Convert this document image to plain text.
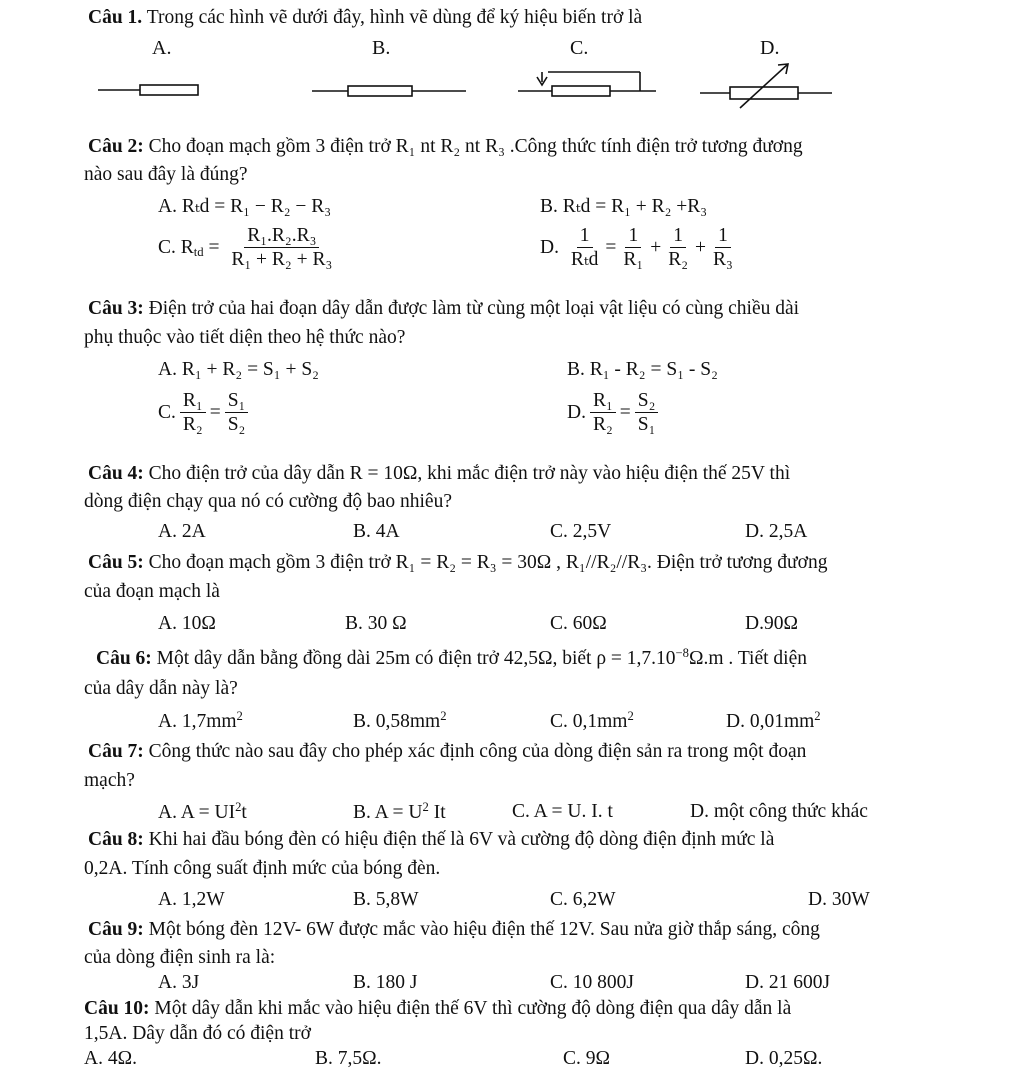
Câu 1. Trong các hình vẽ dưới đây, hình vẽ dùng để ký hiệu biến trở là
A.	B.	C.	D.
Câu 2: Cho đoạn mạch gồm 3 điện trở R₁ nt R₂ nt R₃ .Công thức tính điện trở tương đương
nào sau đây là đúng?
A. Rₜd = R₁ − R₂ − R₃	B. Rₜd = R₁ + R₂ +R₃
C. $R_{td} = \frac{\text{R₁.R₂.R₃}}{\text{R₁ + R₂ + R₃}}$	D. $\frac{1}{\text{Rₜd}} = \frac{1}{\text{R₁}} + \frac{1}{\text{R₂}} + \frac{1}{\text{R₃}}$
Câu 3: Điện trở của hai đoạn dây dẫn được làm từ cùng một loại vật liệu có cùng chiều dài
phụ thuộc vào tiết diện theo hệ thức nào?
A. R₁ + R₂ = S₁ + S₂	B. R₁ - R₂ = S₁ - S₂
C. $\frac{\text{R₁}}{\text{R₂}} = \frac{\text{S₁}}{\text{S₂}}$	D. $\frac{\text{R₁}}{\text{R₂}} = \frac{\text{S₂}}{\text{S₁}}$
Câu 4: Cho điện trở của dây dẫn R = 10Ω, khi mắc điện trở này vào hiệu điện thế 25V thì
dòng điện chạy qua nó có cường độ bao nhiêu?
A. 2A	B. 4A	C. 2,5V	D. 2,5A
Câu 5: Cho đoạn mạch gồm 3 điện trở R₁ = R₂ = R₃ = 30Ω , R₁//R₂//R₃. Điện trở tương đương
của đoạn mạch là
A. 10Ω	B. 30 Ω	C. 60Ω	D.90Ω
Câu 6: Một dây dẫn bằng đồng dài 25m có điện trở 42,5Ω, biết $\rho = 1,7.10^{-8}\Omega.m$ . Tiết diện
của dây dẫn này là?
A. $1,7mm^2$	B. $0,58mm^2$	C. $0,1mm^2$	D. $0,01mm^2$
Câu 7: Công thức nào sau đây cho phép xác định công của dòng điện sản ra trong một đoạn
mạch?
A. $A = UI^2t$	B. $A = U^2$ It	C. A = U. I. t	D. một công thức khác
Câu 8: Khi hai đầu bóng đèn có hiệu điện thế là 6V và cường độ dòng điện định mức là
0,2A. Tính công suất định mức của bóng đèn.
A. 1,2W	B. 5,8W	C. 6,2W	D. 30W
Câu 9: Một bóng đèn 12V- 6W được mắc vào hiệu điện thế 12V. Sau nửa giờ thắp sáng, công
của dòng điện sinh ra là:
A. 3J	B. 180 J	C. 10 800J	D. 21 600J
Câu 10: Một dây dẫn khi mắc vào hiệu điện thế 6V thì cường độ dòng điện qua dây dẫn là
1,5A. Dây dẫn đó có điện trở
A. 4Ω.	B. 7,5Ω.	C. 9Ω	D. 0,25Ω.
